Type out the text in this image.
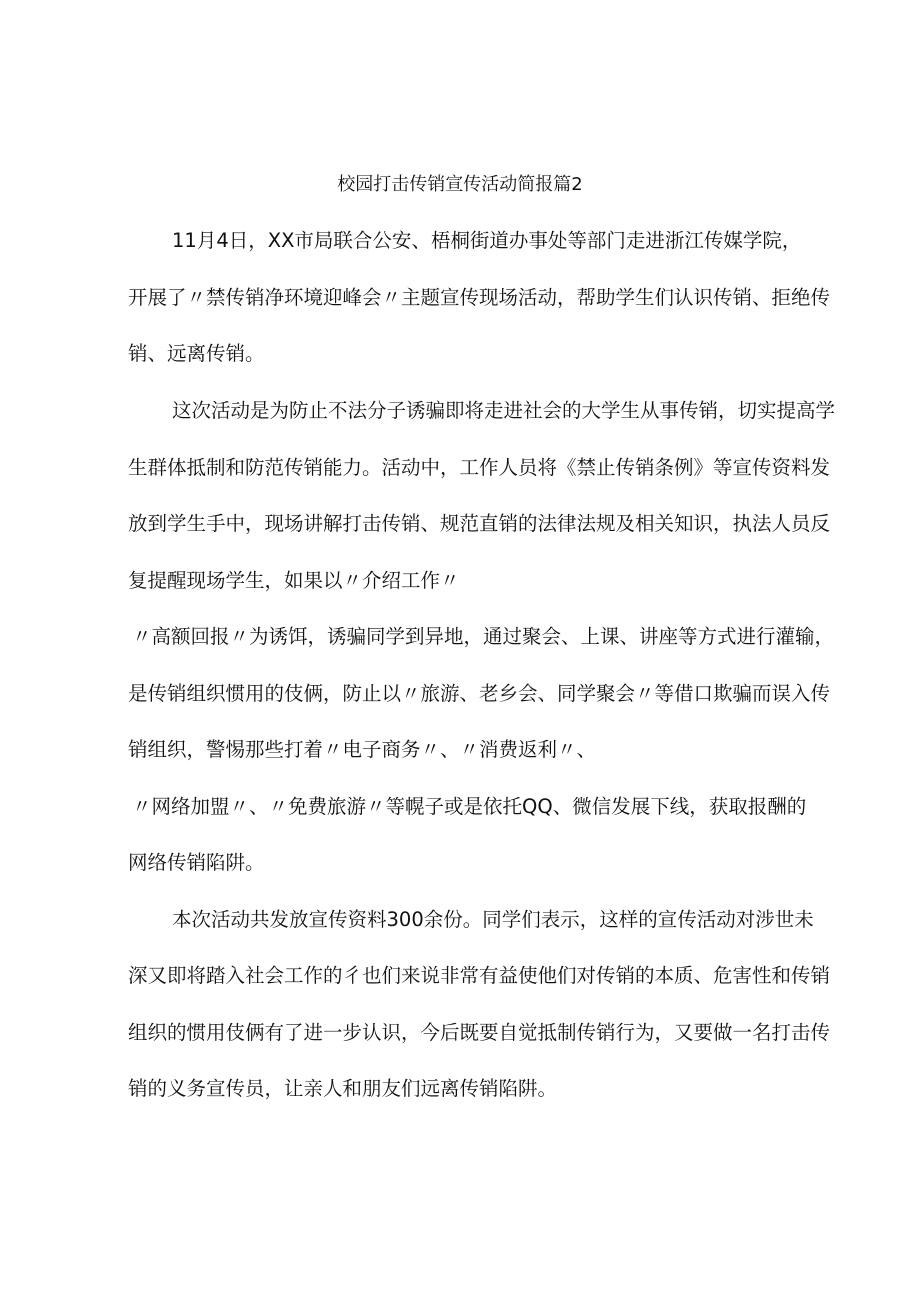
校园打击传销宣传活动简报篇2

11月4日，XX市局联合公安、梧桐街道办事处等部门走进浙江传媒学院，

开展了〃禁传销净环境迎峰会〃主题宣传现场活动，帮助学生们认识传销、拒绝传

销、远离传销。

这次活动是为防止不法分子诱骗即将走进社会的大学生从事传销，切实提高学

生群体抵制和防范传销能力。活动中，工作人员将《禁止传销条例》等宣传资料发

放到学生手中，现场讲解打击传销、规范直销的法律法规及相关知识，执法人员反

复提醒现场学生，如果以〃介绍工作〃

〃高额回报〃为诱饵，诱骗同学到异地，通过聚会、上课、讲座等方式进行灌输，

是传销组织惯用的伎俩，防止以〃旅游、老乡会、同学聚会〃等借口欺骗而误入传

销组织，警惕那些打着〃电子商务〃、〃消费返利〃、

〃网络加盟〃、〃免费旅游〃等幌子或是依托QQ、微信发展下线，获取报酬的

网络传销陷阱。

本次活动共发放宣传资料300余份。同学们表示，这样的宣传活动对涉世未

深又即将踏入社会工作的彳也们来说非常有益使他们对传销的本质、危害性和传销

组织的惯用伎俩有了进一步认识，今后既要自觉抵制传销行为，又要做一名打击传

销的义务宣传员，让亲人和朋友们远离传销陷阱。
